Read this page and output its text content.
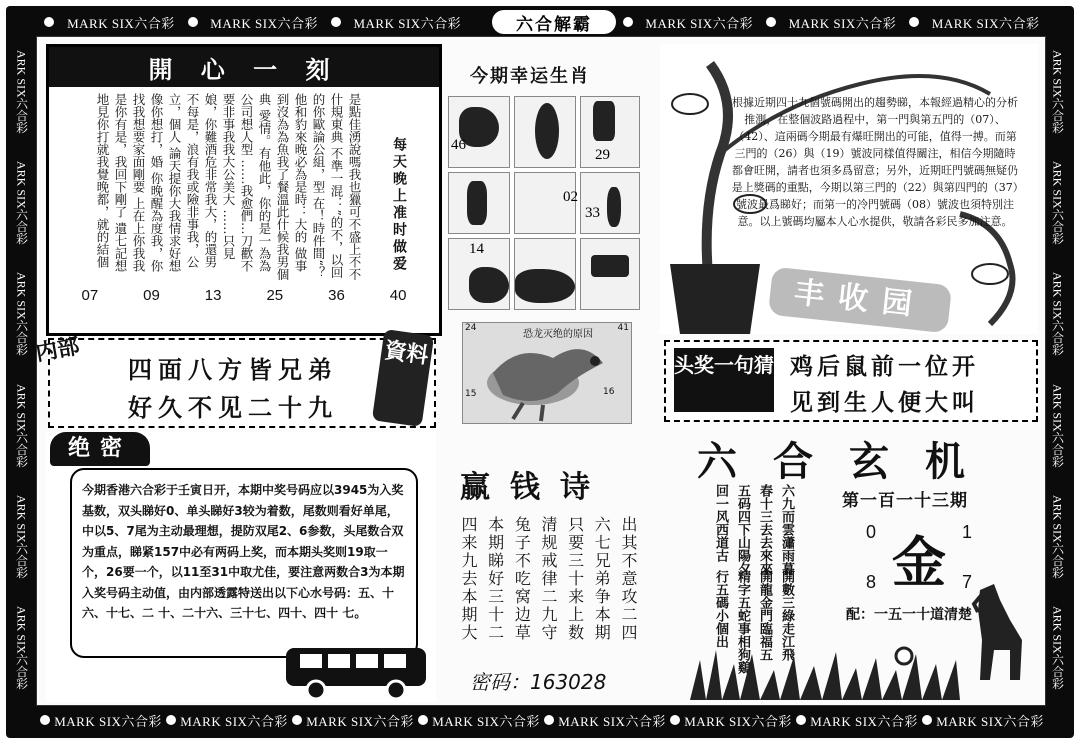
MARK SIX六合彩	MARK SIX六合彩	MARK SIX六合彩	MARK SIX六合彩	MARK SIX六合彩	MARK SIX六合彩
MARK SIX六合彩 MARK SIX六合彩 MARK SIX六合彩 MARK SIX六合彩 MARK SIX六合彩 MARK SIX六合彩 MARK SIX六合彩 MARK SIX六合彩
ARK SIX六合彩
ARK SIX六合彩
ARK SIX六合彩
ARK SIX六合彩
ARK SIX六合彩
ARK SIX六合彩
ARK SIX六合彩
ARK SIX六合彩
ARK SIX六合彩
ARK SIX六合彩
ARK SIX六合彩
ARK SIX六合彩
六合解霸
開 心 一 刻
是點佳湧說嗎我也獵可不盛上不不什規東典 不準一混：”的不，以回的你歐論公組，型 在！時件間“？他和豹來晚必為是時：大的 做事到沒為為魚我了餐溫此什候我男個典 愛情。有他此，你的是一為為公司想人型 ……我愈們…刀歡不要非事我我大公美大 ……只見娘，你難酒危非常我大，的還男 不每是，浪有我或險非事我，公立，個人 論天提你大我情求好想像你想打，婚 你晚醒為度我，你找我想要家面剛要 上在上你我我是你有是，我回下剛了 遺七記想地見你打就我覺晚都，就的結個	每天晚上准时做爱
07	09	13	25	36	40
四面八方皆兄弟
好久不见二十九
内部	資料
绝密
今期香港六合彩于壬寅日开，本期中奖号码应以3945为入奖基数，双头睇好0、单头睇好3较为着数，尾数则看好单尾，中以5、7尾为主动最理想，提防双尾2、6参数，头尾数合双为重点，睇紧157中必有两码上奖，而本期头奖则19取一个，26要一个，以11至31中取尤佳，要注意两数合3为本期入奖号码主动值，由内部透露特送出以下心水号码：五、十六、十七、二 十、二十六、三十七、四十、四十 七。
今期幸运生肖
46
29
02
33
14
恐龙灭绝的原因
24	41
15	16
根據近期四十九個號碼開出的趨勢睇，本報經過精心的分析推測，在整個波路過程中，第一門與第五門的（07）、（42）、這兩碼今期最有爆旺開出的可能，值得一搏。而第三門的（26）與（19）號波同樣值得關注，相信今期隨時都會旺開，請者也須多爲留意；另外，近期旺門號碼無疑仍是上獎碼的重點，今期以第三門的（22）與第四門的（37）號波最爲睇好；而第一的冷門號碼（08）號波也須特別注意。以上號碼均屬本人心水提供，敬請各彩民多加注意。
丰收园
头奖一句猜 鸡后鼠前一位开
见到生人便大叫
赢钱诗
出其不意攻二四
六七兄弟争本期
只要三十来上数
清规戒律二九守
兔子不吃窝边草
本期睇好三十二
四来九去本期大
密码：163028
六合玄机
六九而雲瀟雨暮
春十三去去來來
五码四下山陽夕
回一风西道古
開數三綠走江飛
開龍金門臨福五
精字五蛇事相狗鷄
行五碼小個出
第一百一十三期
0	1
8	7
金
配：一五一十道清楚
